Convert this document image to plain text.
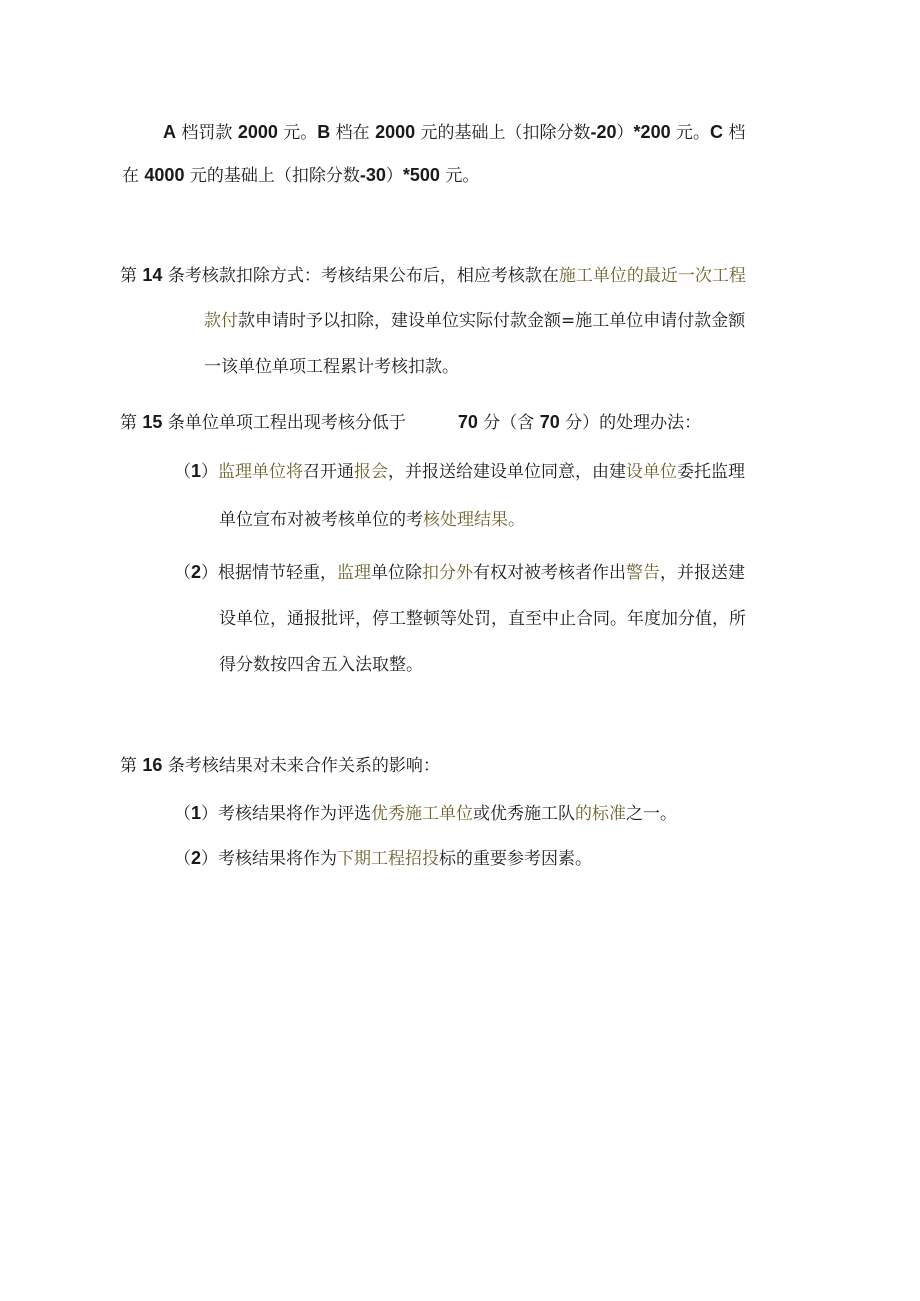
A 档罚款 2000 元。B 档在 2000 元的基础上（扣除分数-20）*200 元。C 档
在 4000 元的基础上（扣除分数-30）*500 元。
第 14 条考核款扣除方式：考核结果公布后，相应考核款在施工单位的最近一次工程
款付款申请时予以扣除，建设单位实际付款金额=施工单位申请付款金额
一该单位单项工程累计考核扣款。
第 15 条单位单项工程出现考核分低于	70 分（含 70 分）的处理办法：
（1）监理单位将召开通报会，并报送给建设单位同意，由建设单位委托监理
单位宣布对被考核单位的考核处理结果。
（2）根据情节轻重，监理单位除扣分外有权对被考核者作出警告，并报送建
设单位，通报批评，停工整顿等处罚，直至中止合同。年度加分值，所
得分数按四舍五入法取整。
第 16 条考核结果对未来合作关系的影响：
（1）考核结果将作为评选优秀施工单位或优秀施工队的标准之一。
（2）考核结果将作为下期工程招投标的重要参考因素。
